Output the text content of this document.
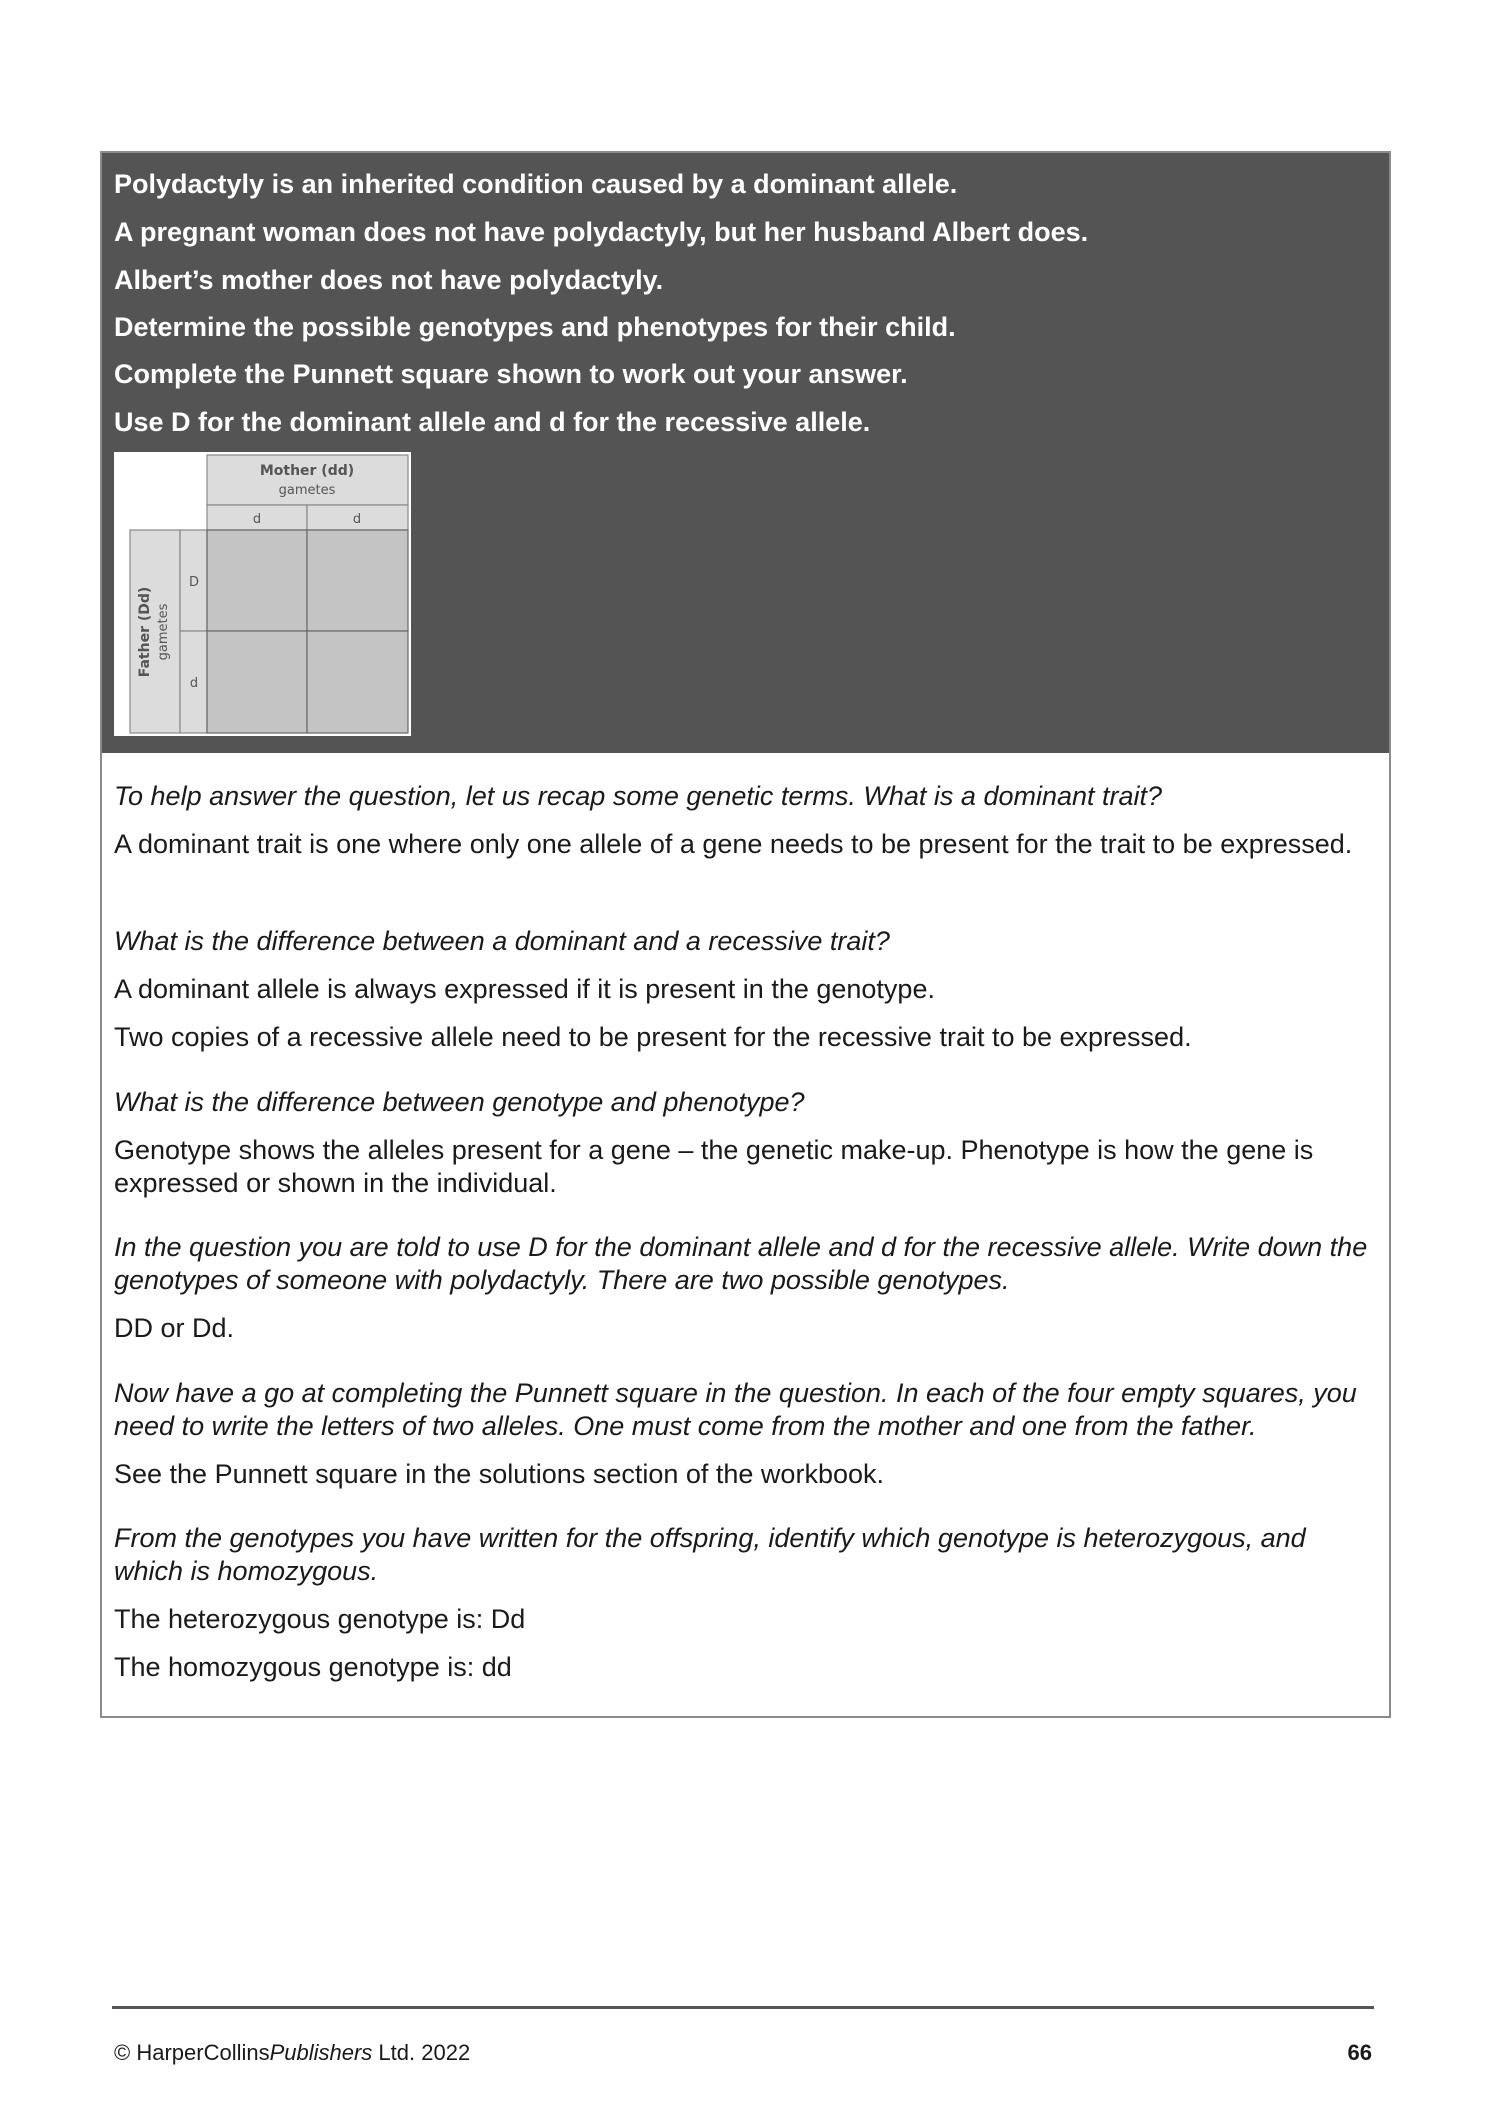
Polydactyly is an inherited condition caused by a dominant allele.
A pregnant woman does not have polydactyly, but her husband Albert does.
Albert’s mother does not have polydactyly.
Determine the possible genotypes and phenotypes for their child.
Complete the Punnett square shown to work out your answer.
Use D for the dominant allele and d for the recessive allele.
Mother (dd)
gametes
d	d
Father (Dd) gametes
D
d
To help answer the question, let us recap some genetic terms. What is a dominant trait?
A dominant trait is one where only one allele of a gene needs to be present for the trait to be expressed.
What is the difference between a dominant and a recessive trait?
A dominant allele is always expressed if it is present in the genotype.
Two copies of a recessive allele need to be present for the recessive trait to be expressed.
What is the difference between genotype and phenotype?
Genotype shows the alleles present for a gene – the genetic make-up. Phenotype is how the gene is expressed or shown in the individual.
In the question you are told to use D for the dominant allele and d for the recessive allele. Write down the genotypes of someone with polydactyly. There are two possible genotypes.
DD or Dd.
Now have a go at completing the Punnett square in the question. In each of the four empty squares, you need to write the letters of two alleles. One must come from the mother and one from the father.
See the Punnett square in the solutions section of the workbook.
From the genotypes you have written for the offspring, identify which genotype is heterozygous, and which is homozygous.
The heterozygous genotype is: Dd
The homozygous genotype is: dd
© HarperCollinsPublishers Ltd. 2022	66
